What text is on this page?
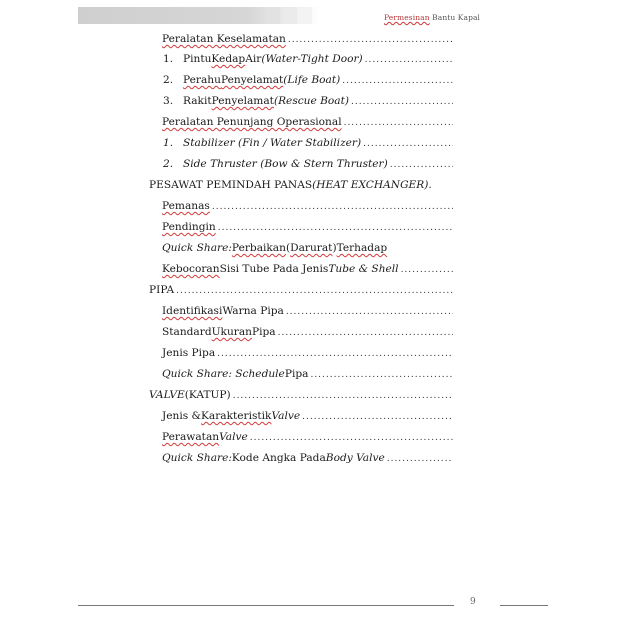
Permesinan Bantu Kapal
Peralatan Keselamatan
.....
1. Pintu Kedap Air (Water-Tight Door)
.....
2. Perahu Penyelamat (Life Boat)
.....
3. Rakit Penyelamat (Rescue Boat)
.....
Peralatan Penunjang Operasional
.....
1. Stabilizer (Fin / Water Stabilizer)
.....
2. Side Thruster (Bow & Stern Thruster)
.....
PESAWAT PEMINDAH PANAS (HEAT EXCHANGER) .
Pemanas
.....
Pendingin
.....
Quick Share: Perbaikan ( Darurat ) Terhadap
Kebocoran Sisi Tube Pada Jenis Tube & Shell
.....
PIPA
.....
Identifikasi Warna Pipa
.....
Standard Ukuran Pipa
.....
Jenis Pipa
.....
Quick Share: Schedule Pipa
.....
VALVE (KATUP)
.....
Jenis & Karakteristik Valve
.....
Perawatan Valve
.....
Quick Share: Kode Angka Pada Body Valve
.....
9
